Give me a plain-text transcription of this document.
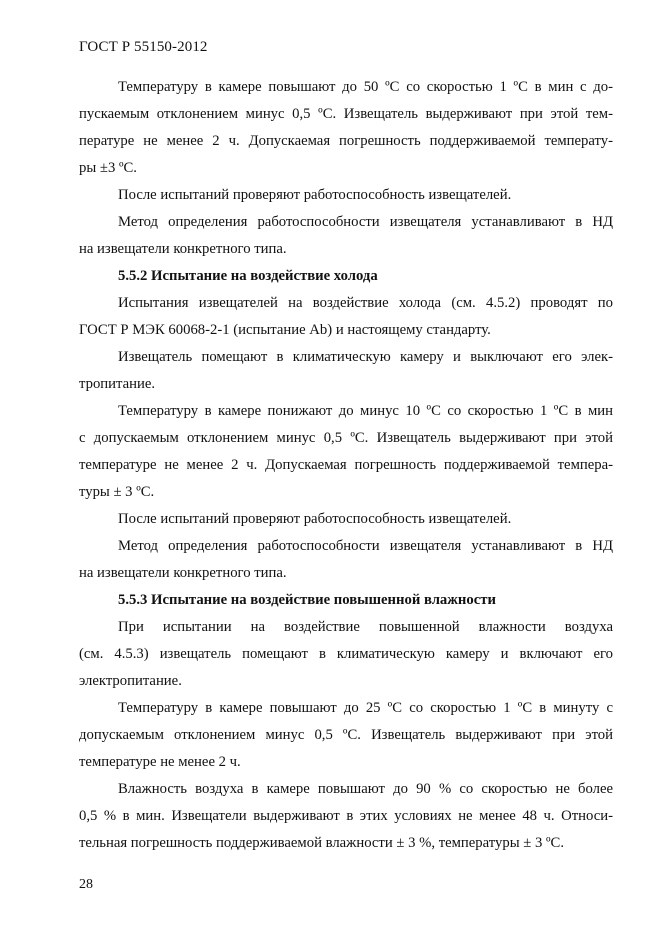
ГОСТ Р 55150-2012
Температуру в камере повышают до 50 ºС со скоростью 1 ºС в мин с до-
пускаемым отклонением минус 0,5 ºС. Извещатель выдерживают при этой тем-
пературе не менее 2 ч. Допускаемая погрешность поддерживаемой температу-
ры ±3 ºС.
После испытаний проверяют работоспособность извещателей.
Метод определения работоспособности извещателя устанавливают в НД
на извещатели конкретного типа.
5.5.2 Испытание на воздействие холода
Испытания извещателей на воздействие холода (см. 4.5.2) проводят по
ГОСТ Р МЭК 60068-2-1 (испытание Ab) и настоящему стандарту.
Извещатель помещают в климатическую камеру и выключают его элек-
тропитание.
Температуру в камере понижают до минус 10 ºС со скоростью 1 ºС в мин
с допускаемым отклонением минус 0,5 ºС. Извещатель выдерживают при этой
температуре не менее 2 ч. Допускаемая погрешность поддерживаемой темпера-
туры ± 3 ºС.
После испытаний проверяют работоспособность извещателей.
Метод определения работоспособности извещателя устанавливают в НД
на извещатели конкретного типа.
5.5.3 Испытание на воздействие повышенной влажности
При испытании на воздействие повышенной влажности воздуха
(см. 4.5.3) извещатель помещают в климатическую камеру и включают его
электропитание.
Температуру в камере повышают до 25 ºС со скоростью 1 ºС в минуту с
допускаемым отклонением минус 0,5 ºС. Извещатель выдерживают при этой
температуре не менее 2 ч.
Влажность воздуха в камере повышают до 90 % со скоростью не более
0,5 % в мин. Извещатели выдерживают в этих условиях не менее 48 ч. Относи-
тельная погрешность поддерживаемой влажности ± 3 %, температуры ± 3 ºС.
28
